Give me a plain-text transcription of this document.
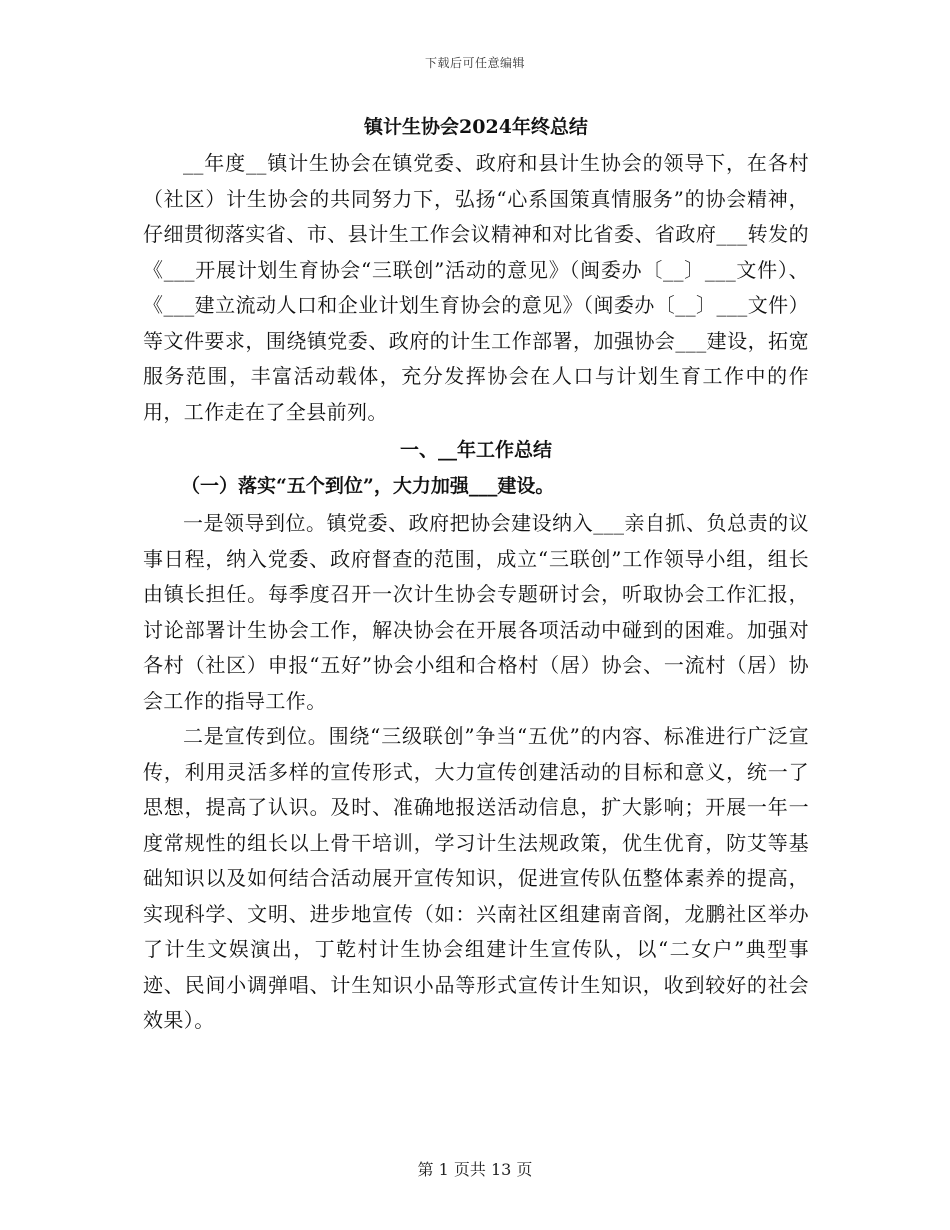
下载后可任意编辑
镇计生协会2024年终总结

__年度__镇计生协会在镇党委、政府和县计生协会的领导下，在各村（社区）计生协会的共同努力下，弘扬“心系国策真情服务”的协会精神，仔细贯彻落实省、市、县计生工作会议精神和对比省委、省政府___转发的《___开展计划生育协会“三联创”活动的意见》（闽委办〔__〕___文件）、《___建立流动人口和企业计划生育协会的意见》（闽委办〔__〕___文件）等文件要求，围绕镇党委、政府的计生工作部署，加强协会___建设，拓宽服务范围，丰富活动载体，充分发挥协会在人口与计划生育工作中的作用，工作走在了全县前列。

一、__年工作总结
（一）落实“五个到位”，大力加强___建设。

一是领导到位。镇党委、政府把协会建设纳入___亲自抓、负总责的议事日程，纳入党委、政府督查的范围，成立“三联创”工作领导小组，组长由镇长担任。每季度召开一次计生协会专题研讨会，听取协会工作汇报，讨论部署计生协会工作，解决协会在开展各项活动中碰到的困难。加强对各村（社区）申报“五好”协会小组和合格村（居）协会、一流村（居）协会工作的指导工作。

二是宣传到位。围绕“三级联创”争当“五优”的内容、标准进行广泛宣传，利用灵活多样的宣传形式，大力宣传创建活动的目标和意义，统一了思想，提高了认识。及时、准确地报送活动信息，扩大影响；开展一年一度常规性的组长以上骨干培训，学习计生法规政策，优生优育，防艾等基础知识以及如何结合活动展开宣传知识，促进宣传队伍整体素养的提高，实现科学、文明、进步地宣传（如：兴南社区组建南音阁，龙鹏社区举办了计生文娱演出，丁乾村计生协会组建计生宣传队，以“二女户”典型事迹、民间小调弹唱、计生知识小品等形式宣传计生知识，收到较好的社会效果）。

第 1 页共 13 页
